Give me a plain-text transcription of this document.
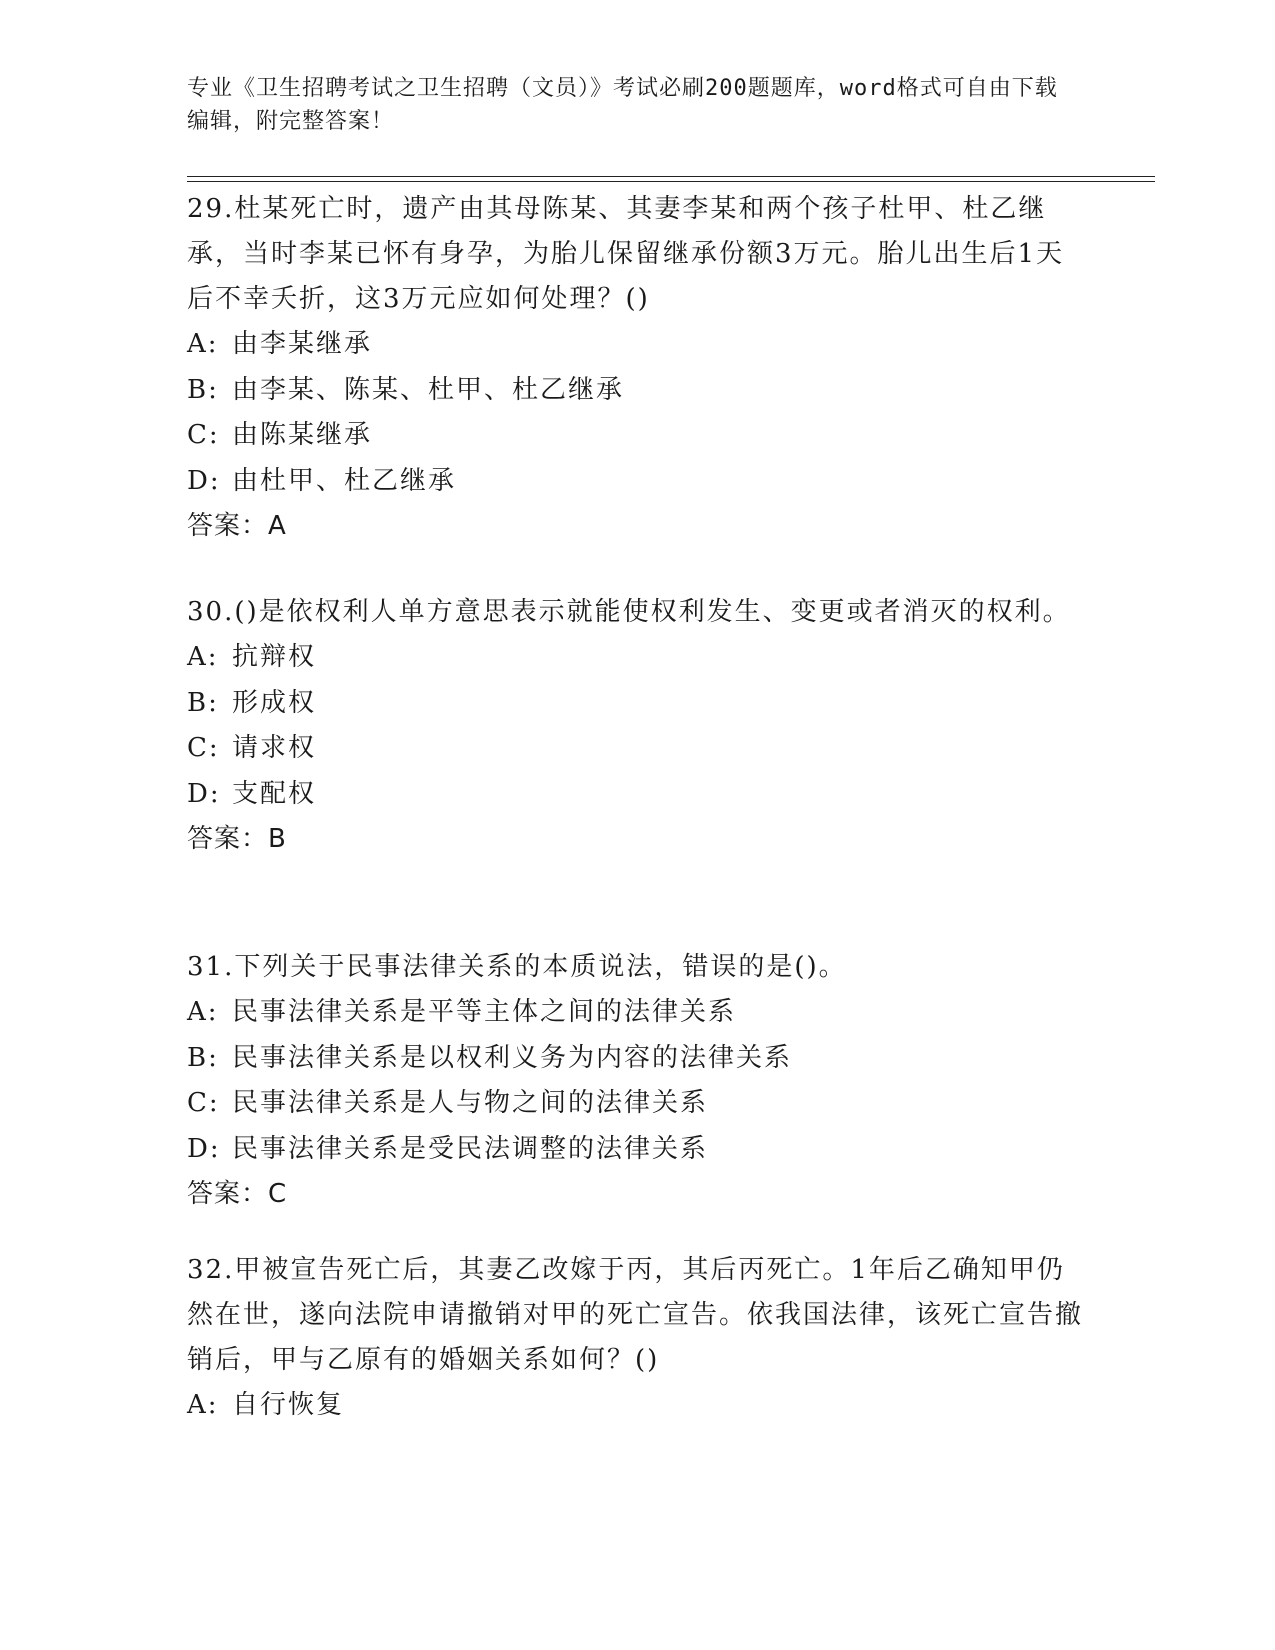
专业《卫生招聘考试之卫生招聘（文员）》考试必刷200题题库，word格式可自由下载编辑，附完整答案！

29.杜某死亡时，遗产由其母陈某、其妻李某和两个孩子杜甲、杜乙继承，当时李某已怀有身孕，为胎儿保留继承份额3万元。胎儿出生后1天后不幸夭折，这3万元应如何处理？()

A: 由李某继承

B: 由李某、陈某、杜甲、杜乙继承

C: 由陈某继承

D: 由杜甲、杜乙继承

答案：A

30.()是依权利人单方意思表示就能使权利发生、变更或者消灭的权利。

A: 抗辩权

B: 形成权

C: 请求权

D: 支配权

答案：B

31.下列关于民事法律关系的本质说法，错误的是()。

A: 民事法律关系是平等主体之间的法律关系

B: 民事法律关系是以权利义务为内容的法律关系

C: 民事法律关系是人与物之间的法律关系

D: 民事法律关系是受民法调整的法律关系

答案：C

32.甲被宣告死亡后，其妻乙改嫁于丙，其后丙死亡。1年后乙确知甲仍然在世，遂向法院申请撤销对甲的死亡宣告。依我国法律，该死亡宣告撤销后，甲与乙原有的婚姻关系如何？()

A: 自行恢复
